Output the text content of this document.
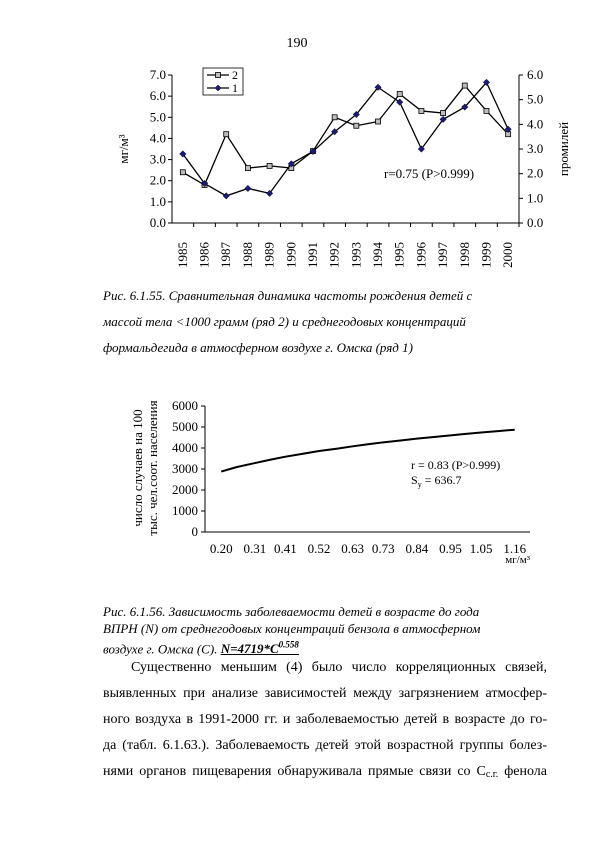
190
0.0
1.0
2.0
3.0
4.0
5.0
6.0
7.0
0.0
1.0
2.0
3.0
4.0
5.0
6.0
1985 1986 1987 1988 1989 1990 1991 1992 1993 1994 1995 1996 1997 1998 1999 2000
мг/м³	промилей
2
1
r=0.75 (P>0.999)
Рис. 6.1.55. Сравнительная динамика частоты рождения детей с
массой тела <1000 грамм (ряд 2) и среднегодовых концентраций
формальдегида в атмосферном воздухе г. Омска (ряд 1)
0
1000
2000
3000
4000
5000
6000
0.20 0.31 0.41 0.52 0.63 0.73 0.84 0.95 1.05 1.16
число случаев на 100 тыс. чел.соот. населения
мг/м³
r = 0.83 (P>0.999)
$S_y = 636.7$
Рис. 6.1.56. Зависимость заболеваемости детей в возрасте до года
ВПРН (N) от среднегодовых концентраций бензола в атмосферном
воздухе г. Омска (С). $N=4719*C^{0.558}$

Существенно меньшим (4) было число корреляционных связей,

выявленных при анализе зависимостей между загрязнением атмосфер-
ного воздуха в 1991-2000 гг. и заболеваемостью детей в возрасте до го-
да (табл. 6.1.63.). Заболеваемость детей этой возрастной группы болез-
нями органов пищеварения обнаруживала прямые связи со Сс.г. фенола
